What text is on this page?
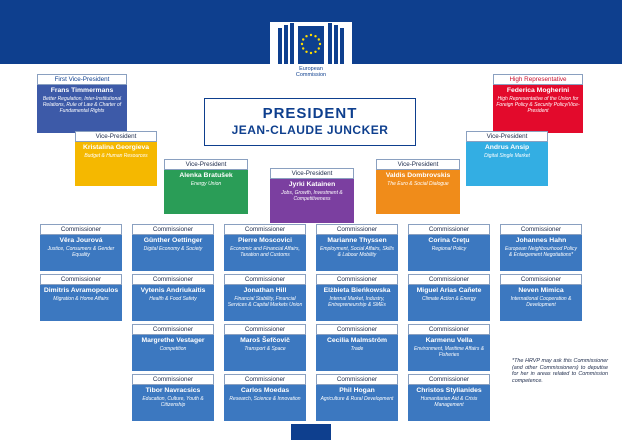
European
Commission
PRESIDENT
JEAN-CLAUDE JUNCKER
First Vice-President
Frans Timmermans
Better Regulation, Inter-Institutional Relations, Rule of Law & Charter of Fundamental Rights
High Representative
Federica Mogherini
High Representative of the Union for Foreign Policy & Security Policy/Vice-President
Vice-President
Kristalina Georgieva
Budget & Human Resources
Vice-President
Andrus Ansip
Digital Single Market
Vice-President
Alenka Bratušek
Energy Union
Vice-President
Jyrki Katainen
Jobs, Growth, Investment & Competitiveness
Vice-President
Valdis Dombrovskis
The Euro & Social Dialogue
Commissioner
Věra Jourová
Justice, Consumers & Gender Equality
Commissioner
Günther Oettinger
Digital Economy & Society
Commissioner
Pierre Moscovici
Economic and Financial Affairs, Taxation and Customs
Commissioner
Marianne Thyssen
Employment, Social Affairs, Skills & Labour Mobility
Commissioner
Corina Creţu
Regional Policy
Commissioner
Johannes Hahn
European Neighbourhood Policy & Enlargement Negotiations*
Commissioner
Dimitris Avramopoulos
Migration & Home Affairs
Commissioner
Vytenis Andriukaitis
Health & Food Safety
Commissioner
Jonathan Hill
Financial Stability, Financial Services & Capital Markets Union
Commissioner
Elżbieta Bieńkowska
Internal Market, Industry, Entrepreneurship & SMEs
Commissioner
Miguel Arias Cañete
Climate Action & Energy
Commissioner
Neven Mimica
International Cooperation & Development
Commissioner
Margrethe Vestager
Competition
Commissioner
Maroš Šefčovič
Transport & Space
Commissioner
Cecilia Malmström
Trade
Commissioner
Karmenu Vella
Environment, Maritime Affairs & Fisheries
Commissioner
Tibor Navracsics
Education, Culture, Youth & Citizenship
Commissioner
Carlos Moedas
Research, Science & Innovation
Commissioner
Phil Hogan
Agriculture & Rural Development
Commissioner
Christos Stylianides
Humanitarian Aid & Crisis Management
*The HRVP may ask this Commissioner (and other Commissioners) to deputise for her in areas related to Commission competence.
